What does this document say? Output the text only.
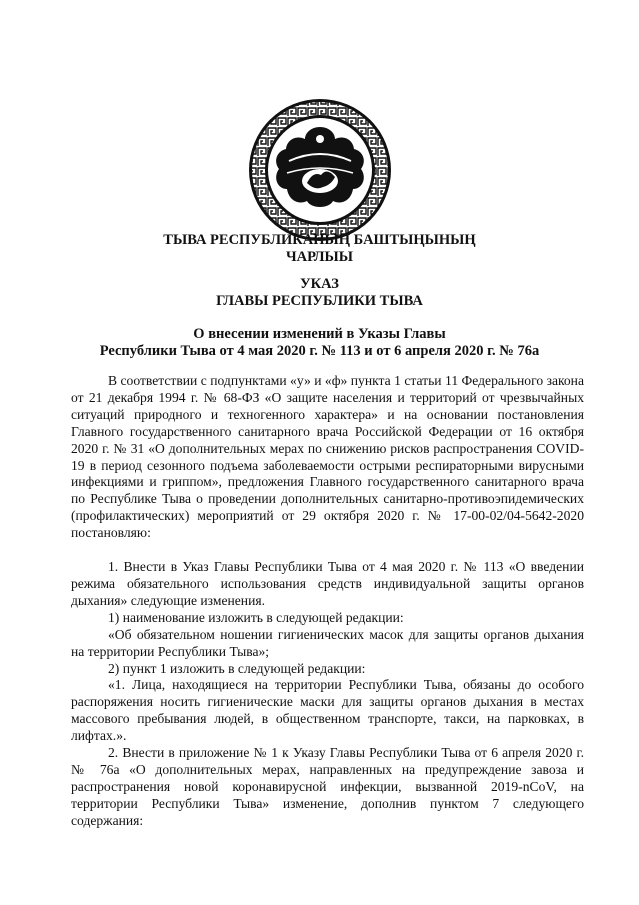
ТЫВА РЕСПУБЛИКАНЫҢ БАШТЫҢЫНЫҢ

ЧАРЛЫЫ

УКАЗ

ГЛАВЫ РЕСПУБЛИКИ ТЫВА

О внесении изменений в Указы Главы

Республики Тыва от 4 мая 2020 г. № 113 и от 6 апреля 2020 г. № 76а

В соответствии с подпунктами «у» и «ф» пункта 1 статьи 11 Федерального закона от 21 декабря 1994 г. № 68-ФЗ «О защите населения и территорий от чрезвычайных ситуаций природного и техногенного характера» и на основании постановления Главного государственного санитарного врача Российской Федерации от 16 октября 2020 г. № 31 «О дополнительных мерах по снижению рисков распространения COVID-19 в период сезонного подъема заболеваемости острыми респираторными вирусными инфекциями и гриппом», предложения Главного государственного санитарного врача по Республике Тыва о проведении дополнительных санитарно-противоэпидемических (профилактических) мероприятий от 29 октября 2020 г. № 17-00-02/04-5642-2020 постановляю:

1. Внести в Указ Главы Республики Тыва от 4 мая 2020 г. № 113 «О введении режима обязательного использования средств индивидуальной защиты органов дыхания» следующие изменения.

1) наименование изложить в следующей редакции:

«Об обязательном ношении гигиенических масок для защиты органов дыхания на территории Республики Тыва»;

2) пункт 1 изложить в следующей редакции:

«1. Лица, находящиеся на территории Республики Тыва, обязаны до особого распоряжения носить гигиенические маски для защиты органов дыхания в местах массового пребывания людей, в общественном транспорте, такси, на парковках, в лифтах.».

2. Внести в приложение № 1 к Указу Главы Республики Тыва от 6 апреля 2020 г. № 76а «О дополнительных мерах, направленных на предупреждение завоза и распространения новой коронавирусной инфекции, вызванной 2019-nCoV, на территории Республики Тыва» изменение, дополнив пунктом 7 следующего содержания:
